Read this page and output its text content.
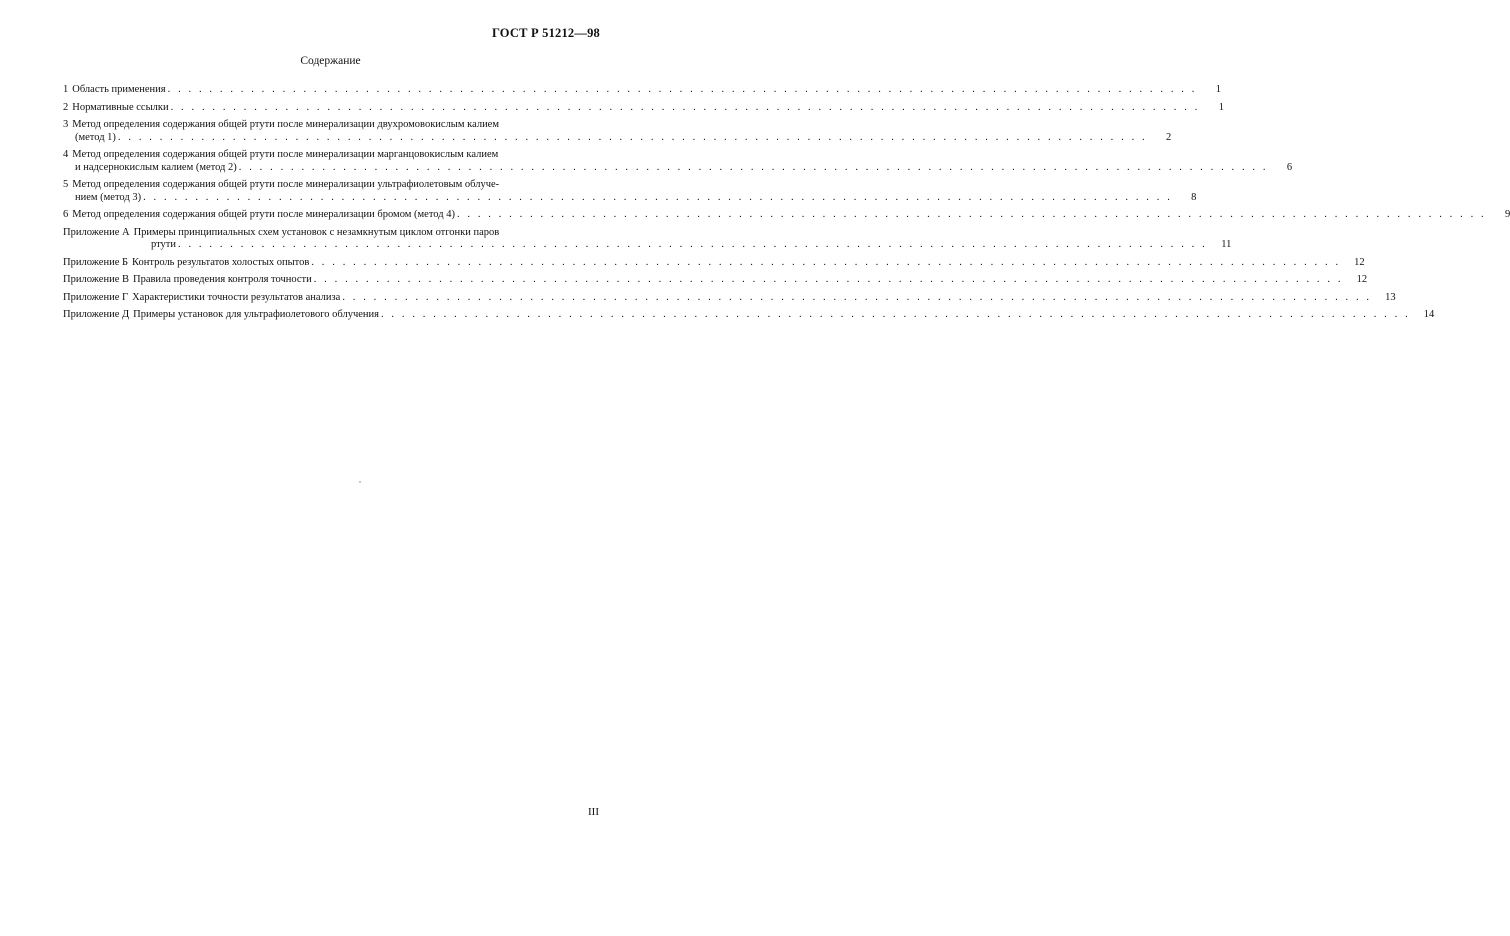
ГОСТ Р 51212—98
Содержание
1 Область применения . . . . . . . . . . . . . . . . . . . . . . . . . . . . . . . . . . . . . . . . . . . . . . . . . . . . . . . . . . . . . . . . . . . . . . . . . . . . . . . . . . . . . . . . . . . . . . . . . . .	1
2 Нормативные ссылки . . . . . . . . . . . . . . . . . . . . . . . . . . . . . . . . . . . . . . . . . . . . . . . . . . . . . . . . . . . . . . . . . . . . . . . . . . . . . . . . . . . . . . . . . . . . . . . . . . .	1
3 Метод определения содержания общей ртути после минерализации двухромовокислым калием
(метод 1) . . . . . . . . . . . . . . . . . . . . . . . . . . . . . . . . . . . . . . . . . . . . . . . . . . . . . . . . . . . . . . . . . . . . . . . . . . . . . . . . . . . . . . . . . . . . . . . . . . .	2
4 Метод определения содержания общей ртути после минерализации марганцовокислым калием
и надсернокислым калием (метод 2) . . . . . . . . . . . . . . . . . . . . . . . . . . . . . . . . . . . . . . . . . . . . . . . . . . . . . . . . . . . . . . . . . . . . . . . . . . . . . . . . . . . . . . . . . . . . . . . . . . .	6
5 Метод определения содержания общей ртути после минерализации ультрафиолетовым облуче-
нием (метод 3) . . . . . . . . . . . . . . . . . . . . . . . . . . . . . . . . . . . . . . . . . . . . . . . . . . . . . . . . . . . . . . . . . . . . . . . . . . . . . . . . . . . . . . . . . . . . . . . . . . .	8
6 Метод определения содержания общей ртути после минерализации бромом (метод 4) . . . . . . . . . . . . . . . . . . . . . . . . . . . . . . . . . . . . . . . . . . . . . . . . . . . . . . . . . . . . . . . . . . . . . . . . . . . . . . . . . . . . . . . . . . . . . . . . . . .	9
Приложение А Примеры принципиальных схем установок с незамкнутым циклом отгонки паров
ртути . . . . . . . . . . . . . . . . . . . . . . . . . . . . . . . . . . . . . . . . . . . . . . . . . . . . . . . . . . . . . . . . . . . . . . . . . . . . . . . . . . . . . . . . . . . . . . . . . . .	11
Приложение Б Контроль результатов холостых опытов . . . . . . . . . . . . . . . . . . . . . . . . . . . . . . . . . . . . . . . . . . . . . . . . . . . . . . . . . . . . . . . . . . . . . . . . . . . . . . . . . . . . . . . . . . . . . . . . . . .	12
Приложение В Правила проведения контроля точности . . . . . . . . . . . . . . . . . . . . . . . . . . . . . . . . . . . . . . . . . . . . . . . . . . . . . . . . . . . . . . . . . . . . . . . . . . . . . . . . . . . . . . . . . . . . . . . . . . .	12
Приложение Г Характеристики точности результатов анализа . . . . . . . . . . . . . . . . . . . . . . . . . . . . . . . . . . . . . . . . . . . . . . . . . . . . . . . . . . . . . . . . . . . . . . . . . . . . . . . . . . . . . . . . . . . . . . . . . . .	13
Приложение Д Примеры установок для ультрафиолетового облучения . . . . . . . . . . . . . . . . . . . . . . . . . . . . . . . . . . . . . . . . . . . . . . . . . . . . . . . . . . . . . . . . . . . . . . . . . . . . . . . . . . . . . . . . . . . . . . . . . . .	14
III
